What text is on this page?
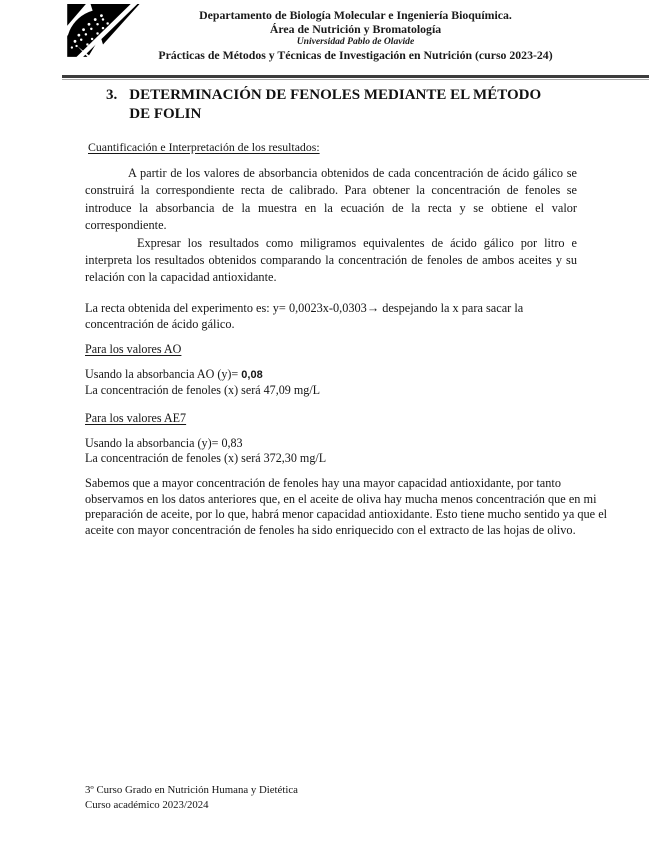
Departamento de Biología Molecular e Ingeniería Bioquímica.
Área de Nutrición y Bromatología
Universidad Pablo de Olavide
Prácticas de Métodos y Técnicas de Investigación en Nutrición (curso 2023-24)
3. DETERMINACIÓN DE FENOLES MEDIANTE EL MÉTODO DE FOLIN
Cuantificación e Interpretación de los resultados:

A partir de los valores de absorbancia obtenidos de cada concentración de ácido gálico se construirá la correspondiente recta de calibrado. Para obtener la concentración de fenoles se introduce la absorbancia de la muestra en la ecuación de la recta y se obtiene el valor correspondiente.

Expresar los resultados como miligramos equivalentes de ácido gálico por litro e interpreta los resultados obtenidos comparando la concentración de fenoles de ambos aceites y su relación con la capacidad antioxidante.

La recta obtenida del experimento es: y= 0,0023x-0,0303→ despejando la x para sacar la concentración de ácido gálico.
Para los valores AO
Usando la absorbancia AO (y)= 0,08
La concentración de fenoles (x) será 47,09 mg/L
Para los valores AE7
Usando la absorbancia (y)= 0,83
La concentración de fenoles (x) será 372,30 mg/L

Sabemos que a mayor concentración de fenoles hay una mayor capacidad antioxidante, por tanto observamos en los datos anteriores que, en el aceite de oliva hay mucha menos concentración que en mi preparación de aceite, por lo que, habrá menor capacidad antioxidante. Esto tiene mucho sentido ya que el aceite con mayor concentración de fenoles ha sido enriquecido con el extracto de las hojas de olivo.

3º Curso Grado en Nutrición Humana y Dietética
Curso académico 2023/2024
